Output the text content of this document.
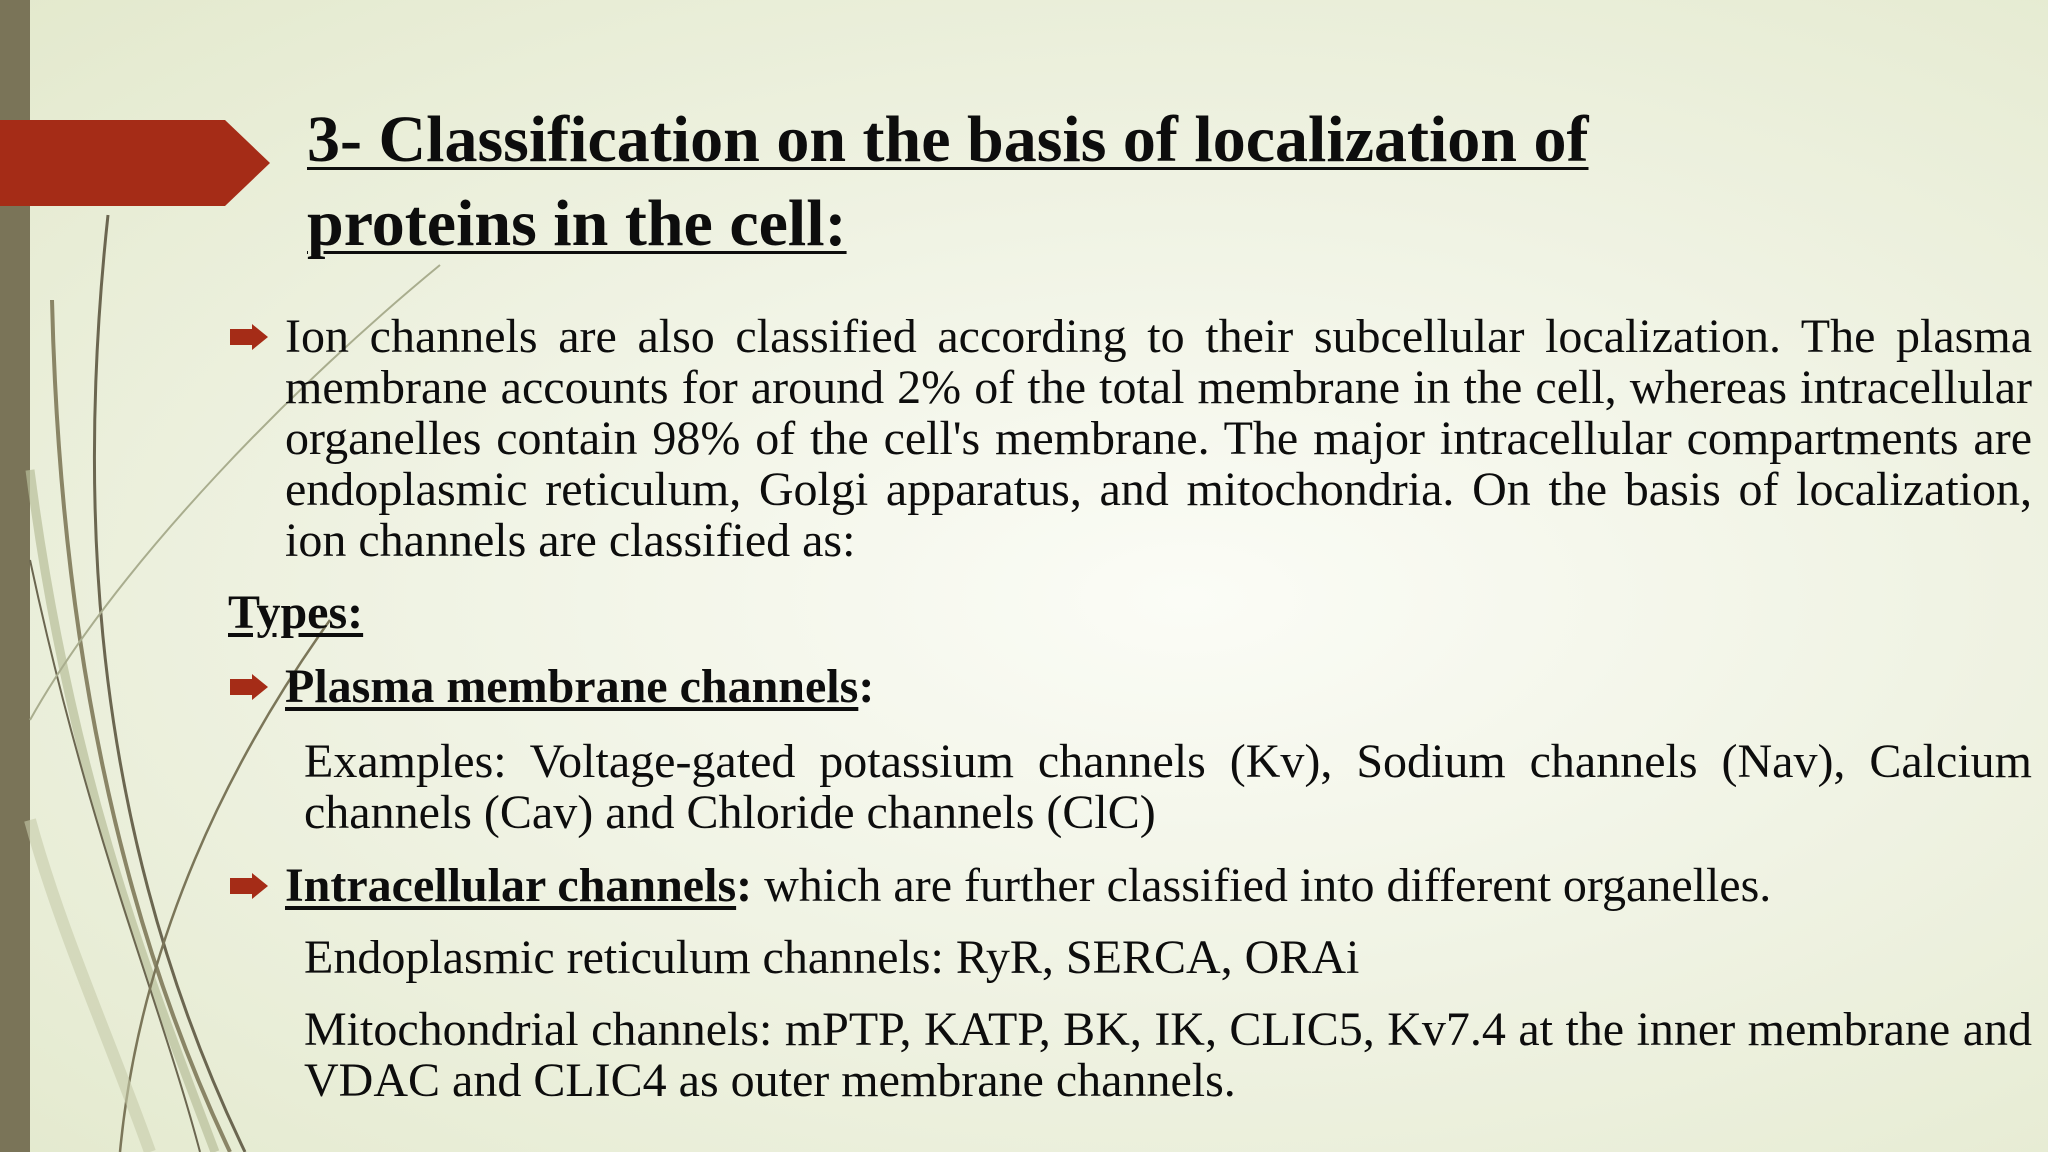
3- Classification on the basis of localization of
proteins in the cell:

Ion channels are also classified according to their subcellular localization. The plasma membrane accounts for around 2% of the total membrane in the cell, whereas intracellular organelles contain 98% of the cell's membrane. The major intracellular compartments are endoplasmic reticulum, Golgi apparatus, and mitochondria. On the basis of localization, ion channels are classified as:

Types:
Plasma membrane channels:

Examples: Voltage-gated potassium channels (Kv), Sodium channels (Nav), Calcium channels (Cav) and Chloride channels (ClC)

Intracellular channels: which are further classified into different organelles.

Endoplasmic reticulum channels: RyR, SERCA, ORAi

Mitochondrial channels: mPTP, KATP, BK, IK, CLIC5, Kv7.4 at the inner membrane and VDAC and CLIC4 as outer membrane channels.
